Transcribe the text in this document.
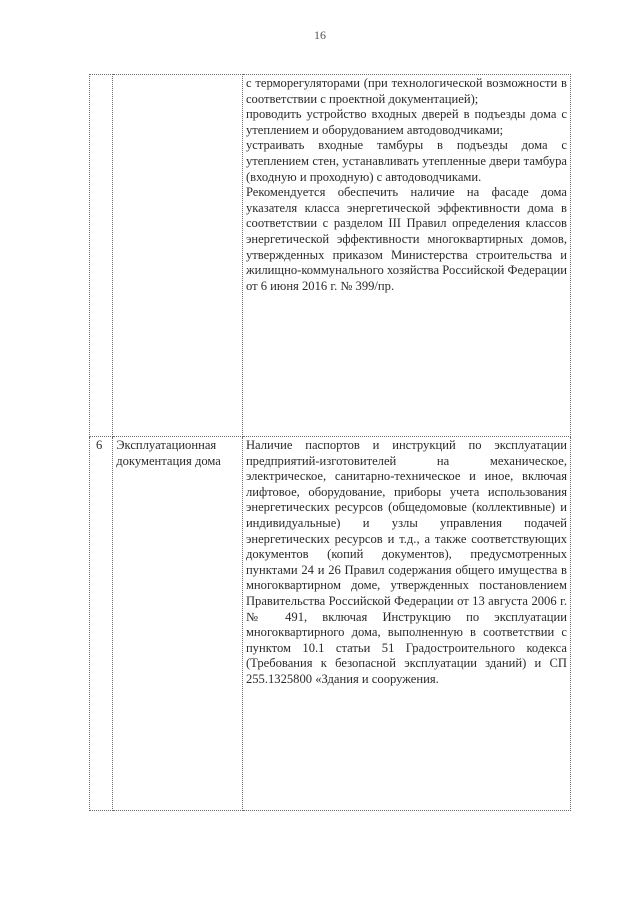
16

		с терморегуляторами (при технологической возможности в соответствии с проектной документацией);

проводить устройство входных дверей в подъезды дома с утеплением и оборудованием автодоводчиками;

устраивать входные тамбуры в подъезды дома с утеплением стен, устанавливать утепленные двери тамбура (входную и проходную) с автодоводчиками.

Рекомендуется обеспечить наличие на фасаде дома указателя класса энергетической эффективности дома в соответствии с разделом III Правил определения классов энергетической эффективности многоквартирных домов, утвержденных приказом Министерства строительства и жилищно-коммунального хозяйства Российской Федерации от 6 июня 2016 г. № 399/пр.

6	Эксплуатационная документация дома	Наличие паспортов и инструкций по эксплуатации предприятий-изготовителей на механическое, электрическое, санитарно-техническое и иное, включая лифтовое, оборудование, приборы учета использования энергетических ресурсов (общедомовые (коллективные) и индивидуальные) и узлы управления подачей энергетических ресурсов и т.д., а также соответствующих документов (копий документов), предусмотренных пунктами 24 и 26 Правил содержания общего имущества в многоквартирном доме, утвержденных постановлением Правительства Российской Федерации от 13 августа 2006 г. № 491, включая Инструкцию по эксплуатации многоквартирного дома, выполненную в соответствии с пунктом 10.1 статьи 51 Градостроительного кодекса (Требования к безопасной эксплуатации зданий) и СП 255.1325800 «Здания и сооружения.
